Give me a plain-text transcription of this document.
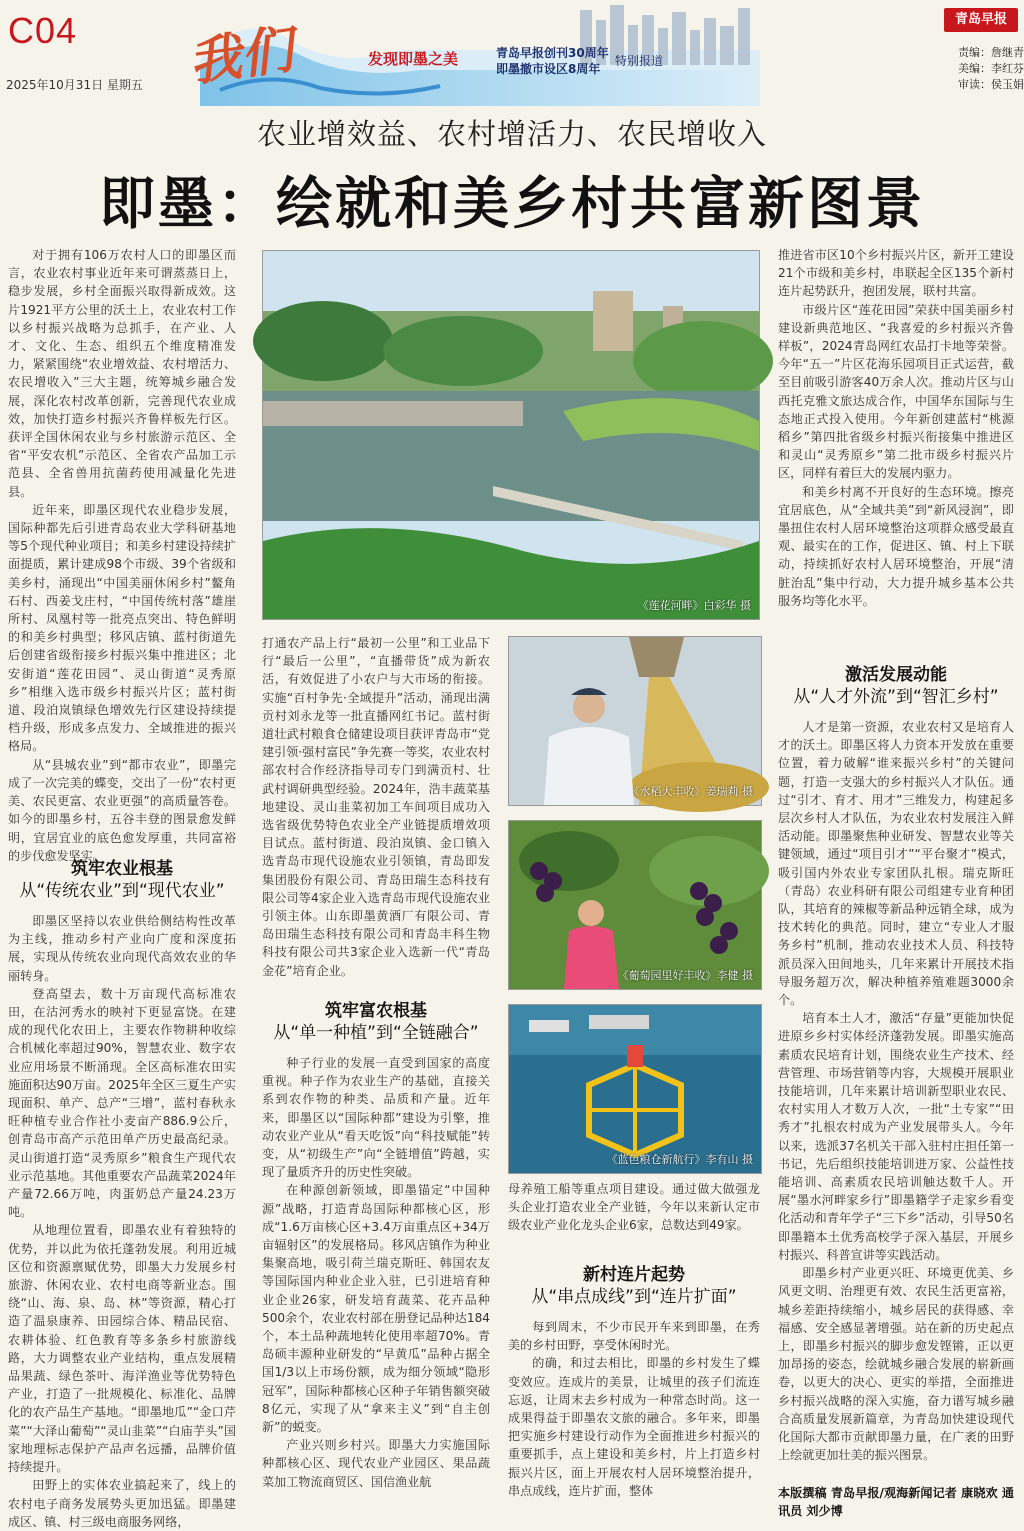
C04
2025年10月31日 星期五 我们	发现即墨之美	青岛早报创刊30周年
即墨撤市设区8周年
特别报道
青岛早报
责编：詹继青
美编：李红芬
审读：侯玉娟
农业增效益、农村增活力、农民增收入
即墨：绘就和美乡村共富新图景

对于拥有106万农村人口的即墨区而言，农业农村事业近年来可谓蒸蒸日上，稳步发展，乡村全面振兴取得新成效。这片1921平方公里的沃土上，农业农村工作以乡村振兴战略为总抓手，在产业、人才、文化、生态、组织五个维度精准发力，紧紧围绕“农业增效益、农村增活力、农民增收入”三大主题，统筹城乡融合发展，深化农村改革创新，完善现代农业成效，加快打造乡村振兴齐鲁样板先行区。获评全国休闲农业与乡村旅游示范区、全省“平安农机”示范区、全省农产品加工示范县、全省兽用抗菌药使用减量化先进县。

近年来，即墨区现代农业稳步发展，国际种都先后引进青岛农业大学科研基地等5个现代种业项目；和美乡村建设持续扩面提质，累计建成98个市级、39个省级和美乡村，涌现出“中国美丽休闲乡村”鳌角石村、西姜戈庄村，“中国传统村落”雄崖所村、凤凰村等一批亮点突出、特色鲜明的和美乡村典型；移风店镇、蓝村街道先后创建省级衔接乡村振兴集中推进区；北安街道“莲花田园”、灵山街道“灵秀原乡”相继入选市级乡村振兴片区；蓝村街道、段泊岚镇绿色增效先行区建设持续提档升级，形成多点发力、全域推进的振兴格局。

从“县城农业”到“都市农业”，即墨完成了一次完美的蝶变，交出了一份“农村更美、农民更富、农业更强”的高质量答卷。如今的即墨乡村，五谷丰登的图景愈发鲜明，宜居宜业的底色愈发厚重，共同富裕的步伐愈发坚实。

筑牢农业根基
从“传统农业”到“现代农业”

即墨区坚持以农业供给侧结构性改革为主线，推动乡村产业向广度和深度拓展，实现从传统农业向现代高效农业的华丽转身。

登高望去，数十万亩现代高标准农田，在沽河秀水的映衬下更显富饶。在建成的现代化农田上，主要农作物耕种收综合机械化率超过90%，智慧农业、数字农业应用场景不断涌现。全区高标准农田实施面积达90万亩。2025年全区三夏生产实现面积、单产、总产“三增”，蓝村春秋永旺种植专业合作社小麦亩产886.9公斤，创青岛市高产示范田单产历史最高纪录。灵山街道打造“灵秀原乡”粮食生产现代农业示范基地。其他重要农产品蔬菜2024年产量72.66万吨，肉蛋奶总产量24.23万吨。

从地理位置看，即墨农业有着独特的优势，并以此为依托蓬勃发展。利用近城区位和资源禀赋优势，即墨大力发展乡村旅游、休闲农业、农村电商等新业态。围绕“山、海、泉、岛、林”等资源，精心打造了温泉康养、田园综合体、精品民宿、农耕体验、红色教育等多条乡村旅游线路，大力调整农业产业结构，重点发展精品果蔬、绿色茶叶、海洋渔业等优势特色产业，打造了一批规模化、标准化、品牌化的农产品生产基地。“即墨地瓜”“金口芹菜”“大泽山葡萄”“灵山韭菜”“白庙芋头”国家地理标志保护产品声名远播，品牌价值持续提升。

田野上的实体农业搞起来了，线上的农村电子商务发展势头更加迅猛。即墨建成区、镇、村三级电商服务网络，

《莲花河畔》白彩华 摄

打通农产品上行“最初一公里”和工业品下行“最后一公里”，“直播带货”成为新农活，有效促进了小农户与大市场的衔接。实施“百村争先·全域提升”活动，涌现出满贡村刘永龙等一批直播网红书记。蓝村街道壮武村粮食仓储建设项目获评青岛市“党建引领·强村富民”争先赛一等奖，农业农村部农村合作经济指导司专门到满贡村、壮武村调研典型经验。2024年，浩丰蔬菜基地建设、灵山韭菜初加工车间项目成功入选省级优势特色农业全产业链提质增效项目试点。蓝村街道、段泊岚镇、金口镇入选青岛市现代设施农业引领镇，青岛即发集团股份有限公司、青岛田瑞生态科技有限公司等4家企业入选青岛市现代设施农业引领主体。山东即墨黄酒厂有限公司、青岛田瑞生态科技有限公司和青岛丰科生物科技有限公司共3家企业入选新一代“青岛金花”培育企业。

筑牢富农根基
从“单一种植”到“全链融合”

种子行业的发展一直受到国家的高度重视。种子作为农业生产的基础，直接关系到农作物的种类、品质和产量。近年来，即墨区以“国际种都”建设为引擎，推动农业产业从“看天吃饭”向“科技赋能”转变，从“初级生产”向“全链增值”跨越，实现了量质齐升的历史性突破。

在种源创新领域，即墨锚定“中国种源”战略，打造青岛国际种都核心区，形成“1.6万亩核心区+3.4万亩重点区+34万亩辐射区”的发展格局。移风店镇作为种业集聚高地，吸引荷兰瑞克斯旺、韩国农友等国际国内种业企业入驻，已引进培育种业企业26家，研发培育蔬菜、花卉品种500余个，农业农村部在册登记品种达184个，本土品种蔬地转化使用率超70%。青岛硕丰源种业研发的“早黄瓜”品种占据全国1/3以上市场份额，成为细分领域“隐形冠军”，国际种都核心区种子年销售额突破8亿元，实现了从“拿来主义”到“自主创新”的蜕变。

产业兴则乡村兴。即墨大力实施国际种都核心区、现代农业产业园区、果品蔬菜加工物流商贸区、国信渔业航

《水稻大丰收》姜瑞莉 摄
《葡萄园里好丰收》李健 摄
《蓝色粮仓新航行》李有山 摄

母养殖工船等重点项目建设。通过做大做强龙头企业打造农业全产业链，今年以来新认定市级农业产业化龙头企业6家，总数达到49家。

新村连片起势
从“串点成线”到“连片扩面”

每到周末，不少市民开车来到即墨，在秀美的乡村田野，享受休闲时光。

的确，和过去相比，即墨的乡村发生了蝶变效应。连成片的美景，让城里的孩子们流连忘返，让周末去乡村成为一种常态时尚。这一成果得益于即墨农文旅的融合。多年来，即墨把实施乡村建设行动作为全面推进乡村振兴的重要抓手，点上建设和美乡村，片上打造乡村振兴片区，面上开展农村人居环境整治提升，串点成线，连片扩面，整体

推进省市区10个乡村振兴片区，新开工建设21个市级和美乡村，串联起全区135个新村连片起势跃升，抱团发展，联村共富。

市级片区“莲花田园”荣获中国美丽乡村建设新典范地区、“我喜爱的乡村振兴齐鲁样板”，2024青岛网红农品打卡地等荣誉。今年“五一”片区花海乐园项目正式运营，截至目前吸引游客40万余人次。推动片区与山西托克雅文旅达成合作，中国华东国际与生态地正式投入使用。今年新创建蓝村“桃源稻乡”第四批省级乡村振兴衔接集中推进区和灵山“灵秀原乡”第二批市级乡村振兴片区，同样有着巨大的发展内驱力。

和美乡村离不开良好的生态环境。擦亮宜居底色，从“全域共美”到“新风浸润”，即墨扭住农村人居环境整治这项群众感受最直观、最实在的工作，促进区、镇、村上下联动，持续抓好农村人居环境整治，开展“清脏治乱”集中行动，大力提升城乡基本公共服务均等化水平。

激活发展动能
从“人才外流”到“智汇乡村”

人才是第一资源，农业农村又是培育人才的沃土。即墨区将人力资本开发放在重要位置，着力破解“谁来振兴乡村”的关键问题，打造一支强大的乡村振兴人才队伍。通过“引才、育才、用才”三维发力，构建起多层次乡村人才队伍，为农业农村发展注入鲜活动能。即墨聚焦种业研发、智慧农业等关键领域，通过“项目引才”“平台聚才”模式，吸引国内外农业专家团队扎根。瑞克斯旺（青岛）农业科研有限公司组建专业育种团队，其培育的辣椒等新品种远销全球，成为技术转化的典范。同时，建立“专业人才服务乡村”机制，推动农业技术人员、科技特派员深入田间地头，几年来累计开展技术指导服务超万次，解决种植养殖难题3000余个。

培育本土人才，激活“存量”更能加快促进原乡乡村实体经济蓬勃发展。即墨实施高素质农民培育计划，围绕农业生产技术、经营管理、市场营销等内容，大规模开展职业技能培训，几年来累计培训新型职业农民、农村实用人才数万人次，一批“土专家”“田秀才”扎根农村成为产业发展带头人。今年以来，选派37名机关干部入驻村庄担任第一书记，先后组织技能培训进万家、公益性技能培训、高素质农民培训触达数千人。开展“墨水河畔家乡行”即墨籍学子走家乡看变化活动和青年学子“三下乡”活动，引导50名即墨籍本土优秀高校学子深入基层，开展乡村振兴、科普宣讲等实践活动。

即墨乡村产业更兴旺、环境更优美、乡风更文明、治理更有效、农民生活更富裕，城乡差距持续缩小，城乡居民的获得感、幸福感、安全感显著增强。站在新的历史起点上，即墨乡村振兴的脚步愈发铿锵，正以更加昂扬的姿态，绘就城乡融合发展的崭新画卷，以更大的决心、更实的举措，全面推进乡村振兴战略的深入实施，奋力谱写城乡融合高质量发展新篇章，为青岛加快建设现代化国际大都市贡献即墨力量，在广袤的田野上绘就更加壮美的振兴图景。

本版撰稿 青岛早报/观海新闻记者 康晓欢 通讯员 刘少博
